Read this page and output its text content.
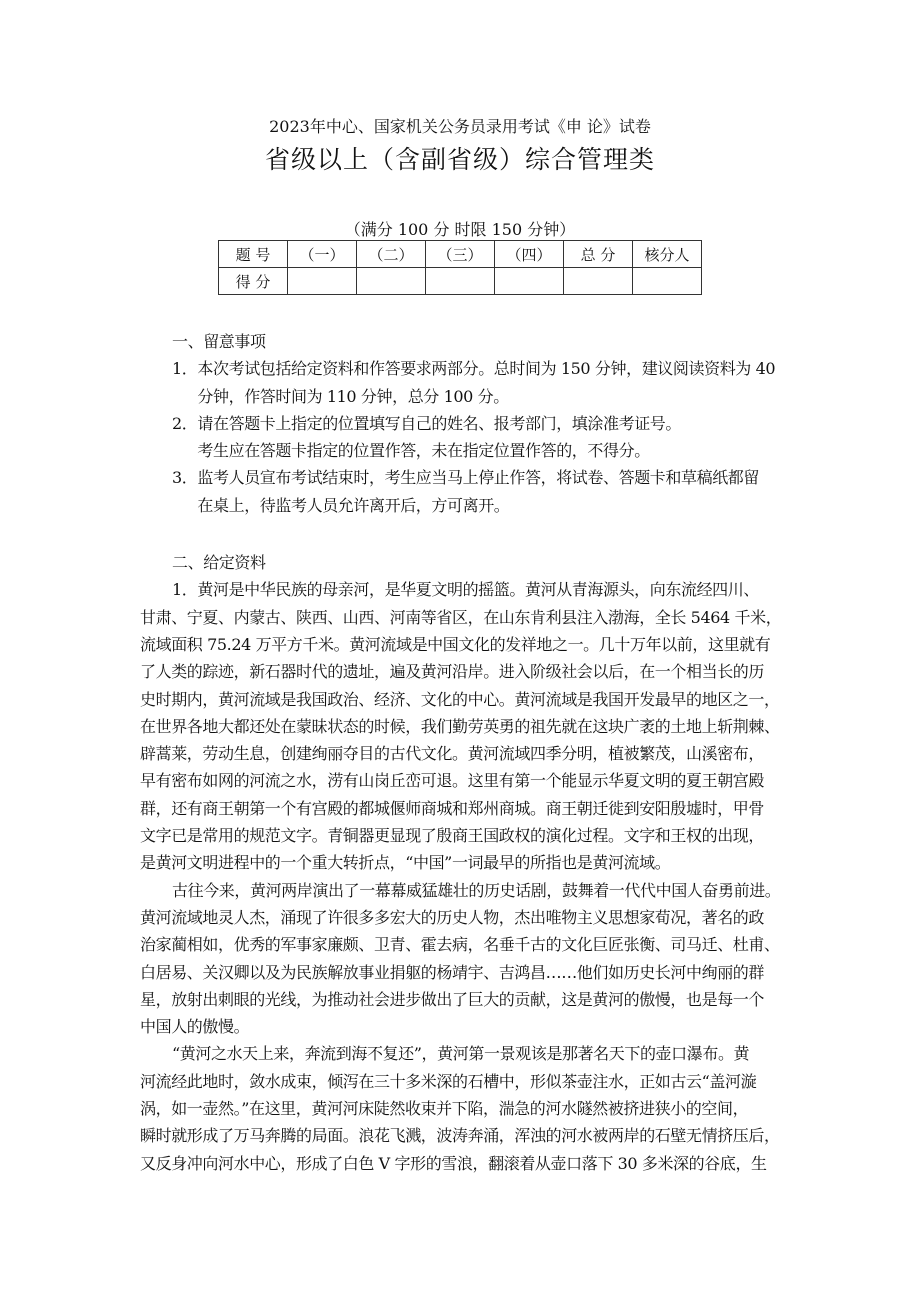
2023年中心、国家机关公务员录用考试《申 论》试卷
省级以上（含副省级）综合管理类
（满分 100 分 时限 150 分钟）
题 号	（一）	（二）	（三）	（四）	总 分	核分人
得 分						
一、留意事项
1． 本次考试包括给定资料和作答要求两部分。总时间为 150 分钟，建议阅读资料为 40
分钟，作答时间为 110 分钟，总分 100 分。
2． 请在答题卡上指定的位置填写自己的姓名、报考部门，填涂准考证号。
考生应在答题卡指定的位置作答，未在指定位置作答的，不得分。
3． 监考人员宣布考试结束时，考生应当马上停止作答，将试卷、答题卡和草稿纸都留
在桌上，待监考人员允许离开后，方可离开。
二、给定资料
1．黄河是中华民族的母亲河，是华夏文明的摇篮。黄河从青海源头，向东流经四川、
甘肃、宁夏、内蒙古、陕西、山西、河南等省区，在山东肯利县注入渤海，全长 5464 千米，
流域面积 75.24 万平方千米。黄河流域是中国文化的发祥地之一。几十万年以前，这里就有
了人类的踪迹，新石器时代的遗址，遍及黄河沿岸。进入阶级社会以后，在一个相当长的历
史时期内，黄河流域是我国政治、经济、文化的中心。黄河流域是我国开发最早的地区之一，
在世界各地大都还处在蒙昧状态的时候，我们勤劳英勇的祖先就在这块广袤的土地上斩荆棘、
辟蒿莱，劳动生息，创建绚丽夺目的古代文化。黄河流域四季分明，植被繁茂，山溪密布，
早有密布如网的河流之水，涝有山岗丘峦可退。这里有第一个能显示华夏文明的夏王朝宫殿
群，还有商王朝第一个有宫殿的都城偃师商城和郑州商城。商王朝迁徙到安阳殷墟时，甲骨
文字已是常用的规范文字。青铜器更显现了殷商王国政权的演化过程。文字和王权的出现，
是黄河文明进程中的一个重大转折点，“中国”一词最早的所指也是黄河流域。
古往今来，黄河两岸演出了一幕幕威猛雄壮的历史话剧，鼓舞着一代代中国人奋勇前进。
黄河流域地灵人杰，涌现了许很多多宏大的历史人物，杰出唯物主义思想家荀况，著名的政
治家蔺相如，优秀的军事家廉颇、卫青、霍去病，名垂千古的文化巨匠张衡、司马迁、杜甫、
白居易、关汉卿以及为民族解放事业捐躯的杨靖宇、吉鸿昌……他们如历史长河中绚丽的群
星，放射出刺眼的光线，为推动社会进步做出了巨大的贡献，这是黄河的傲慢，也是每一个
中国人的傲慢。
“黄河之水天上来，奔流到海不复还”，黄河第一景观该是那著名天下的壶口瀑布。黄
河流经此地时，敛水成束，倾泻在三十多米深的石槽中，形似茶壶注水，正如古云“盖河漩
涡，如一壶然。”在这里，黄河河床陡然收束并下陷，湍急的河水隧然被挤进狭小的空间，
瞬时就形成了万马奔腾的局面。浪花飞溅，波涛奔涌，浑浊的河水被两岸的石壁无情挤压后，
又反身冲向河水中心，形成了白色 V 字形的雪浪，翻滚着从壶口落下 30 多米深的谷底，生
